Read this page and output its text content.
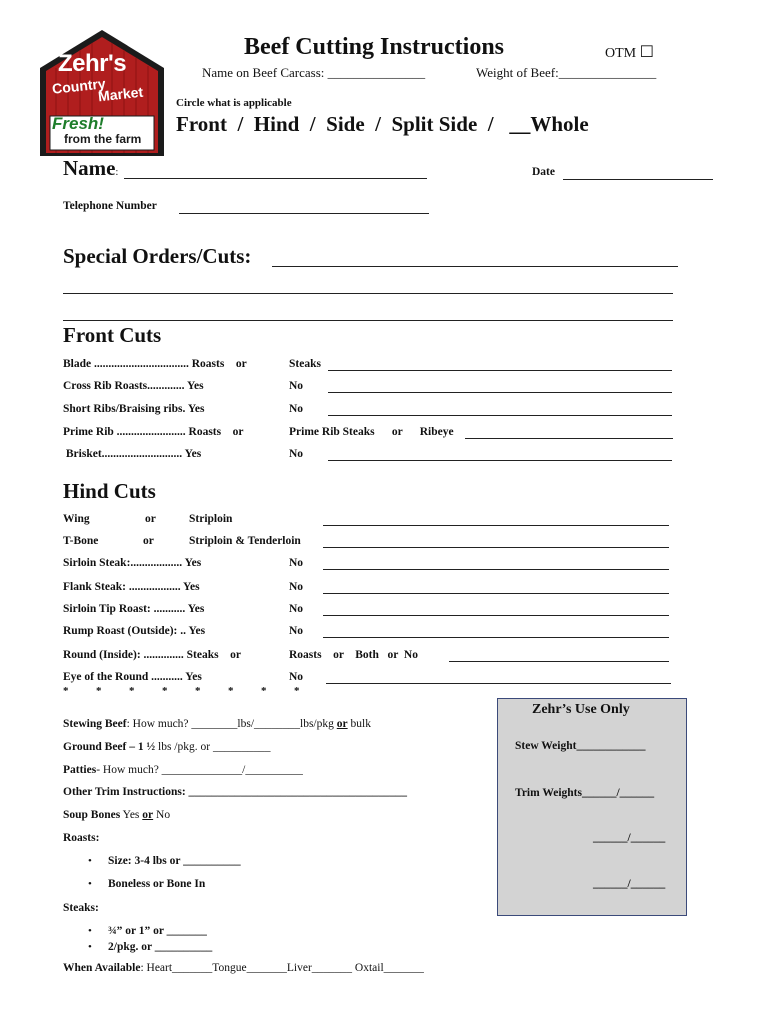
Zehr's
Country
Market
Fresh!
from the farm
Beef Cutting Instructions	OTM ☐
Name on Beef Carcass: _______________	Weight of Beef:_______________
Circle what is applicable
Front  /  Hind  /  Side  /  Split Side  /   __Whole
Name:	Date
Telephone Number
Special Orders/Cuts:
Front Cuts
Blade ................................. Roasts    or	Steaks
Cross Rib Roasts............. Yes	No
Short Ribs/Braising ribs. Yes	No
Prime Rib ........................ Roasts    or	Prime Rib Steaks      or      Ribeye
Brisket............................ Yes	No
Hind Cuts
Wing	or	Striploin
T-Bone	or	Striploin & Tenderloin
Sirloin Steak:.................. Yes	No
Flank Steak: .................. Yes	No
Sirloin Tip Roast: ........... Yes	No
Rump Roast (Outside): .. Yes	No
Round (Inside): .............. Steaks    or	Roasts    or    Both   or  No
Eye of the Round ........... Yes	No
*          *          *          *          *          *          *          *
Stewing Beef: How much? ________lbs/________lbs/pkg or bulk
Ground Beef – 1 ½ lbs /pkg. or __________
Patties- How much? ______________/__________
Other Trim Instructions: ______________________________________
Soup Bones Yes or No
Roasts:
• Size: 3-4 lbs or __________
• Boneless or Bone In
Steaks:
• ¾” or 1” or _______
• 2/pkg. or __________
When Available: Heart_______Tongue_______Liver_______ Oxtail_______
Zehr’s Use Only
Stew Weight____________
Trim Weights______/______
______/______
______/______
